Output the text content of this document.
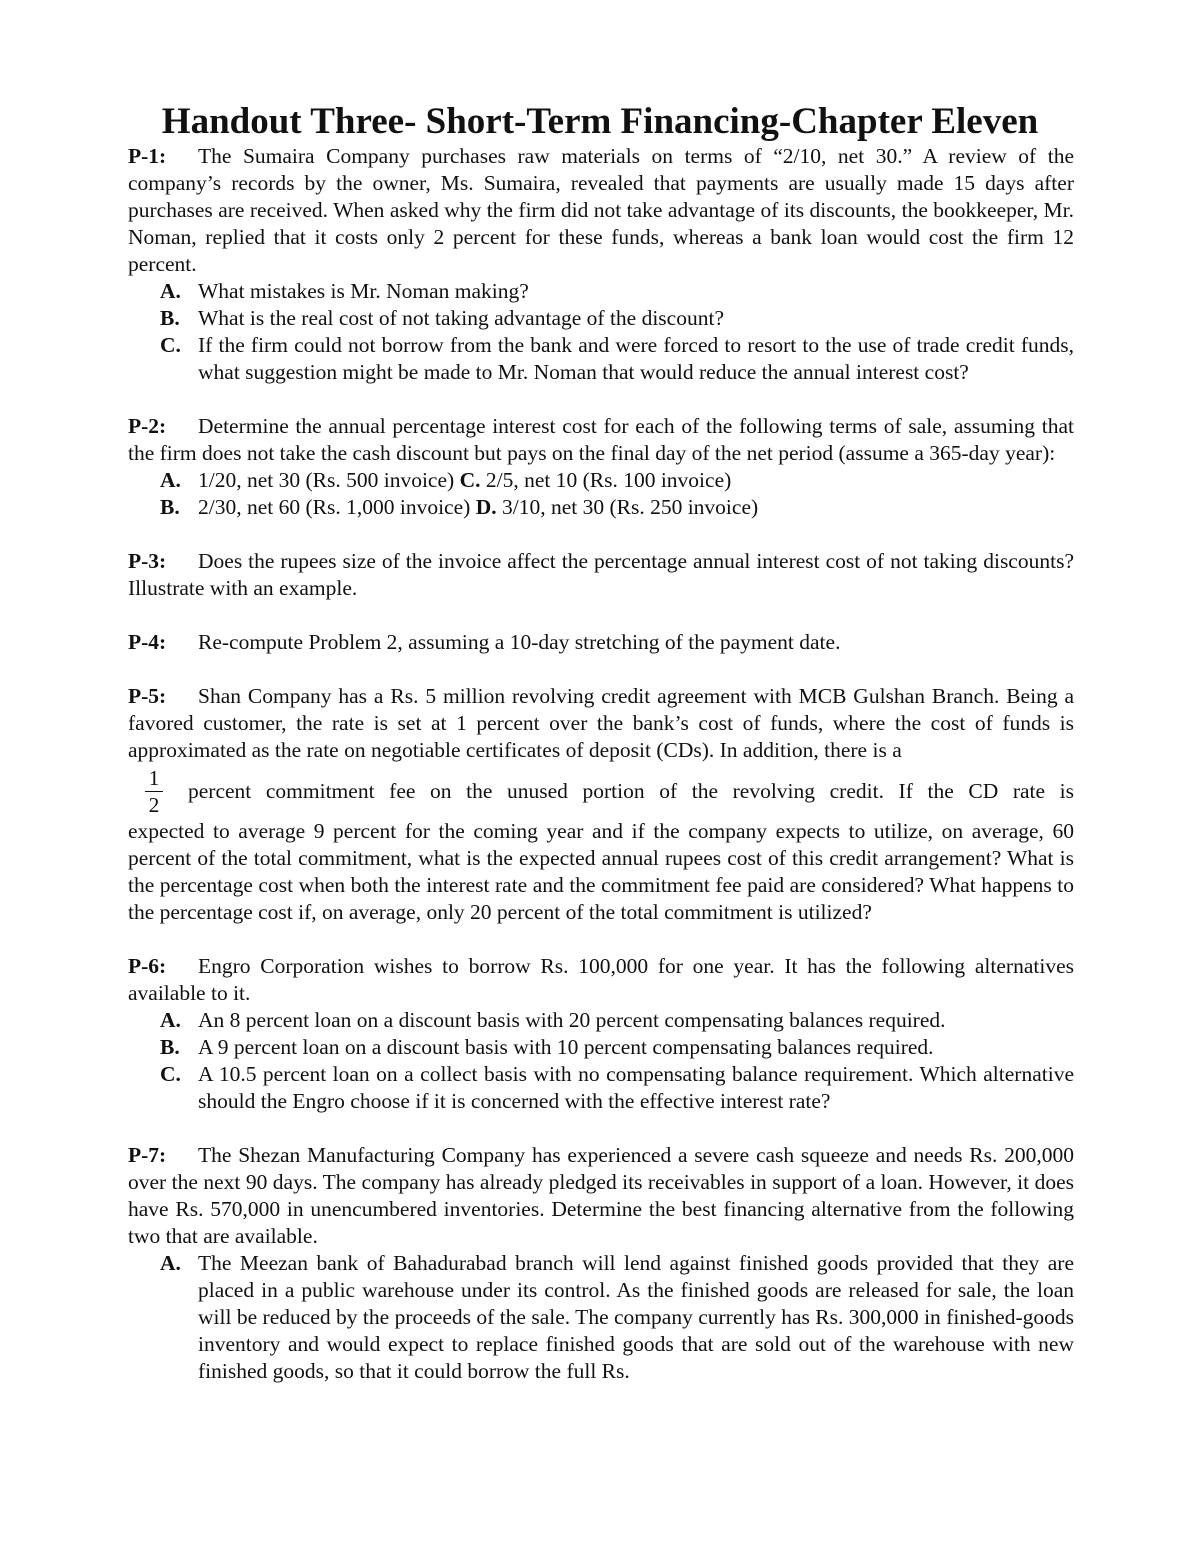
Handout Three- Short-Term Financing-Chapter Eleven
P-1: The Sumaira Company purchases raw materials on terms of “2/10, net 30.” A review of the company’s records by the owner, Ms. Sumaira, revealed that payments are usually made 15 days after purchases are received. When asked why the firm did not take advantage of its discounts, the bookkeeper, Mr. Noman, replied that it costs only 2 percent for these funds, whereas a bank loan would cost the firm 12 percent.
A. What mistakes is Mr. Noman making?
B. What is the real cost of not taking advantage of the discount?
C. If the firm could not borrow from the bank and were forced to resort to the use of trade credit funds, what suggestion might be made to Mr. Noman that would reduce the annual interest cost?
P-2: Determine the annual percentage interest cost for each of the following terms of sale, assuming that the firm does not take the cash discount but pays on the final day of the net period (assume a 365-day year):
A. 1/20, net 30 (Rs. 500 invoice) C. 2/5, net 10 (Rs. 100 invoice)
B. 2/30, net 60 (Rs. 1,000 invoice) D. 3/10, net 30 (Rs. 250 invoice)
P-3: Does the rupees size of the invoice affect the percentage annual interest cost of not taking discounts? Illustrate with an example.
P-4: Re-compute Problem 2, assuming a 10-day stretching of the payment date.
P-5: Shan Company has a Rs. 5 million revolving credit agreement with MCB Gulshan Branch. Being a favored customer, the rate is set at 1 percent over the bank’s cost of funds, where the cost of funds is approximated as the rate on negotiable certificates of deposit (CDs). In addition, there is a
$\frac{1}{2}$ percent commitment fee on the unused portion of the revolving credit. If the CD rate is
expected to average 9 percent for the coming year and if the company expects to utilize, on average, 60 percent of the total commitment, what is the expected annual rupees cost of this credit arrangement? What is the percentage cost when both the interest rate and the commitment fee paid are considered? What happens to the percentage cost if, on average, only 20 percent of the total commitment is utilized?
P-6: Engro Corporation wishes to borrow Rs. 100,000 for one year. It has the following alternatives available to it.
A. An 8 percent loan on a discount basis with 20 percent compensating balances required.
B. A 9 percent loan on a discount basis with 10 percent compensating balances required.
C. A 10.5 percent loan on a collect basis with no compensating balance requirement. Which alternative should the Engro choose if it is concerned with the effective interest rate?
P-7: The Shezan Manufacturing Company has experienced a severe cash squeeze and needs Rs. 200,000 over the next 90 days. The company has already pledged its receivables in support of a loan. However, it does have Rs. 570,000 in unencumbered inventories. Determine the best financing alternative from the following two that are available.
A. The Meezan bank of Bahadurabad branch will lend against finished goods provided that they are placed in a public warehouse under its control. As the finished goods are released for sale, the loan will be reduced by the proceeds of the sale. The company currently has Rs. 300,000 in finished-goods inventory and would expect to replace finished goods that are sold out of the warehouse with new finished goods, so that it could borrow the full Rs.
